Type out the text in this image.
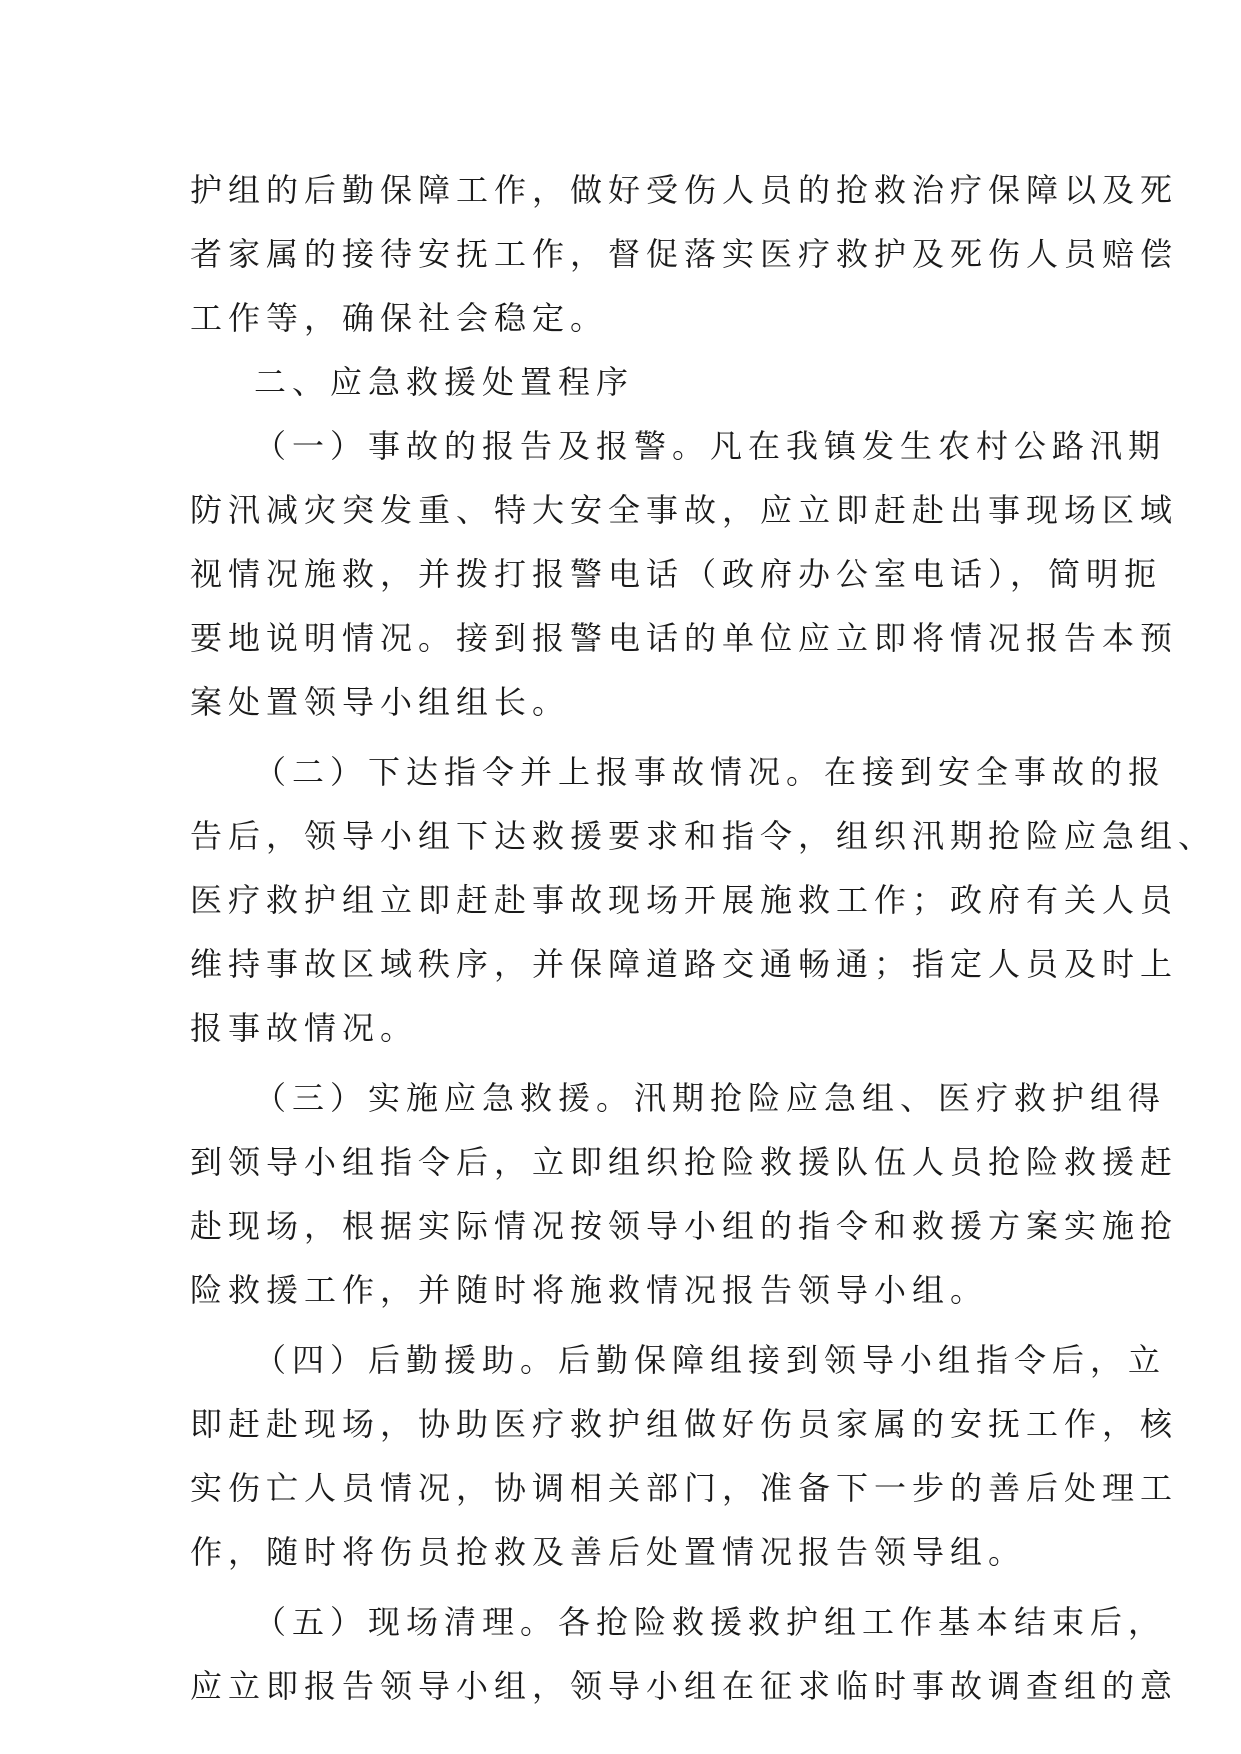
护组的后勤保障工作，做好受伤人员的抢救治疗保障以及死
者家属的接待安抚工作，督促落实医疗救护及死伤人员赔偿
工作等，确保社会稳定。
二、应急救援处置程序
（一）事故的报告及报警。凡在我镇发生农村公路汛期
防汛减灾突发重、特大安全事故，应立即赶赴出事现场区域
视情况施救，并拨打报警电话（政府办公室电话），简明扼
要地说明情况。接到报警电话的单位应立即将情况报告本预
案处置领导小组组长。
（二）下达指令并上报事故情况。在接到安全事故的报
告后，领导小组下达救援要求和指令，组织汛期抢险应急组、
医疗救护组立即赶赴事故现场开展施救工作；政府有关人员
维持事故区域秩序，并保障道路交通畅通；指定人员及时上
报事故情况。
（三）实施应急救援。汛期抢险应急组、医疗救护组得
到领导小组指令后，立即组织抢险救援队伍人员抢险救援赶
赴现场，根据实际情况按领导小组的指令和救援方案实施抢
险救援工作，并随时将施救情况报告领导小组。
（四）后勤援助。后勤保障组接到领导小组指令后，立
即赶赴现场，协助医疗救护组做好伤员家属的安抚工作，核
实伤亡人员情况，协调相关部门，准备下一步的善后处理工
作，随时将伤员抢救及善后处置情况报告领导组。
（五）现场清理。各抢险救援救护组工作基本结束后，
应立即报告领导小组，领导小组在征求临时事故调查组的意
